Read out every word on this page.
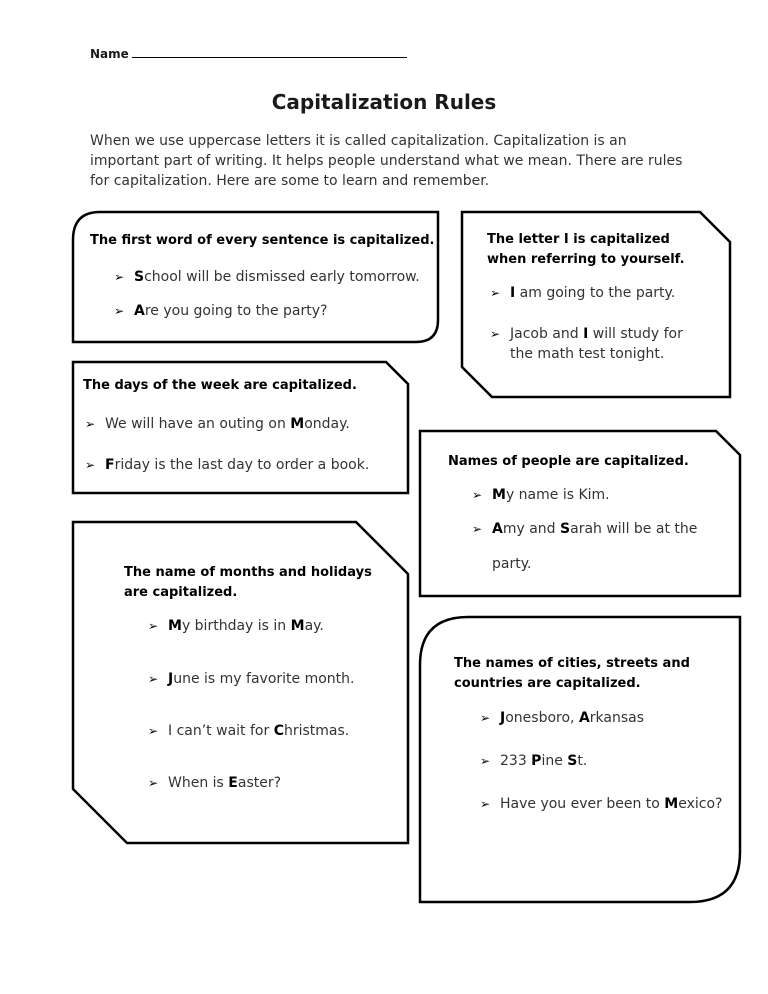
Name
Capitalization Rules
When we use uppercase letters it is called capitalization. Capitalization is an important part of writing. It helps people understand what we mean. There are rules for capitalization. Here are some to learn and remember.
The first word of every sentence is capitalized.
➢ School will be dismissed early tomorrow.
➢ Are you going to the party?
The letter I is capitalized
when referring to yourself.
➢ I am going to the party.
➢ Jacob and I will study for
the math test tonight.
The days of the week are capitalized.
➢ We will have an outing on Monday.
➢ Friday is the last day to order a book.	Names of people are capitalized.
➢ My name is Kim.
➢ Amy and Sarah will be at the
party.
The name of months and holidays
are capitalized.
➢ My birthday is in May.
➢ June is my favorite month.
➢ I can’t wait for Christmas.
➢ When is Easter?
The names of cities, streets and
countries are capitalized.
➢ Jonesboro, Arkansas
➢ 233 Pine St.
➢ Have you ever been to Mexico?
